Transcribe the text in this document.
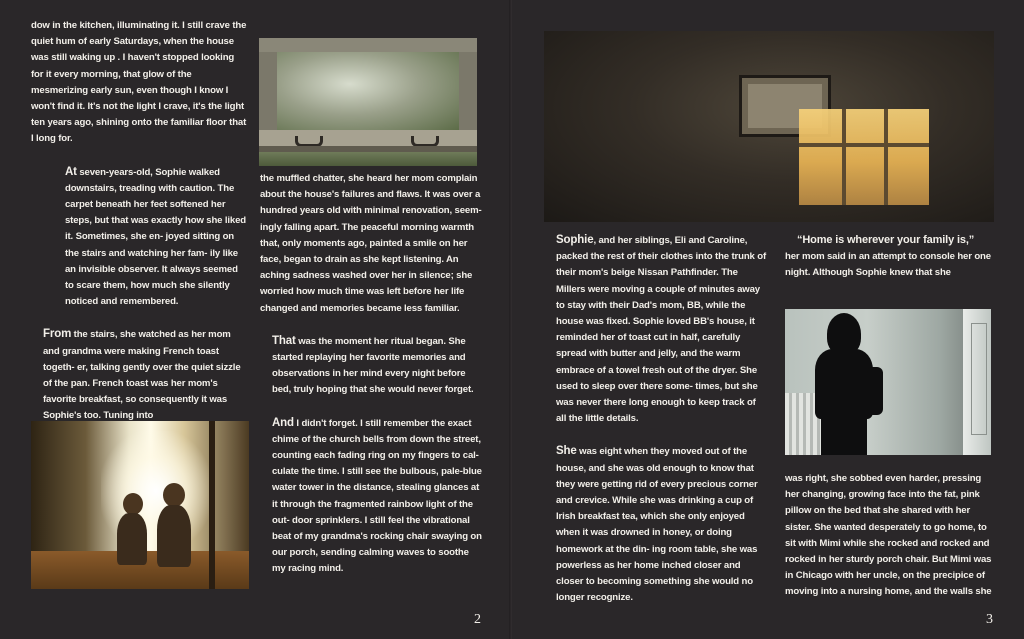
dow in the kitchen, illuminating it. I still crave the quiet hum of early Saturdays, when the house was still waking up . I haven't stopped looking for it every morning, that glow of the mesmerizing early sun, even though I know I won't find it. It's not the light I crave, it's the light ten years ago, shining onto the familiar floor that I long for.

At seven-years-old, Sophie walked downstairs, treading with caution. The carpet beneath her feet softened her steps, but that was exactly how she liked it. Sometimes, she en- joyed sitting on the stairs and watching her fam- ily like an invisible observer. It always seemed to scare them, how much she silently noticed and remembered.

From the stairs, she watched as her mom and grandma were making French toast togeth- er, talking gently over the quiet sizzle of the pan. French toast was her mom's favorite breakfast, so consequently it was Sophie's too. Tuning into

the muffled chatter, she heard her mom complain about the house's failures and flaws. It was over a hundred years old with minimal renovation, seem- ingly falling apart. The peaceful morning warmth that, only moments ago, painted a smile on her face, began to drain as she kept listening. An aching sadness washed over her in silence; she worried how much time was left before her life changed and memories became less familiar.

That was the moment her ritual began. She started replaying her favorite memories and observations in her mind every night before bed, truly hoping that she would never forget.

And I didn't forget. I still remember the exact chime of the church bells from down the street, counting each fading ring on my fingers to cal- culate the time. I still see the bulbous, pale-blue water tower in the distance, stealing glances at it through the fragmented rainbow light of the out- door sprinklers. I still feel the vibrational beat of my grandma's rocking chair swaying on our porch, sending calming waves to soothe my racing mind.

2

Sophie, and her siblings, Eli and Caroline, packed the rest of their clothes into the trunk of their mom's beige Nissan Pathfinder. The Millers were moving a couple of minutes away to stay with their Dad's mom, BB, while the house was fixed. Sophie loved BB's house, it reminded her of toast cut in half, carefully spread with butter and jelly, and the warm embrace of a towel fresh out of the dryer. She used to sleep over there some- times, but she was never there long enough to keep track of all the little details.

She was eight when they moved out of the house, and she was old enough to know that they were getting rid of every precious corner and crevice. While she was drinking a cup of Irish breakfast tea, which she only enjoyed when it was drowned in honey, or doing homework at the din- ing room table, she was powerless as her home inched closer and closer to becoming something she would no longer recognize.

“Home is wherever your family is,”

her mom said in an attempt to console her one night. Although Sophie knew that she

was right, she sobbed even harder, pressing her changing, growing face into the fat, pink pillow on the bed that she shared with her sister. She wanted desperately to go home, to sit with Mimi while she rocked and rocked and rocked in her sturdy porch chair. But Mimi was in Chicago with her uncle, on the precipice of moving into a nursing home, and the walls she

3
